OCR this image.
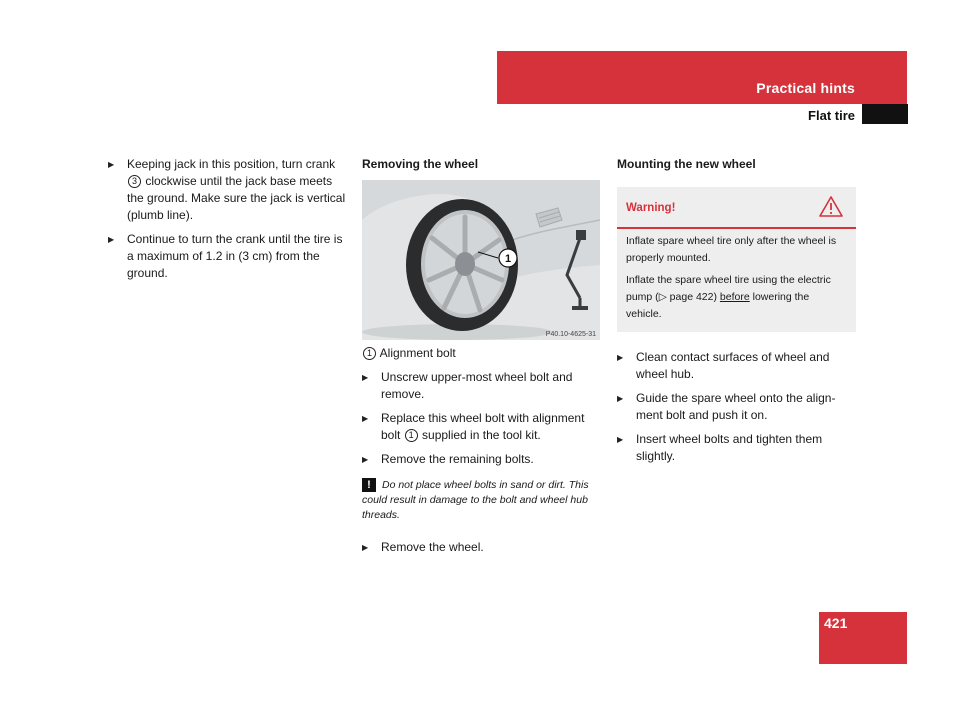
Practical hints
Flat tire
▶	Keeping jack in this position, turn crank 3 clockwise until the jack base meets the ground. Make sure the jack is vertical (plumb line).
▶	Continue to turn the crank until the tire is a maximum of 1.2 in (3 cm) from the ground.
Removing the wheel
1
P40.10-4625-31
1 Alignment bolt
▶	Unscrew upper-most wheel bolt and remove.
▶	Replace this wheel bolt with alignment bolt 1 supplied in the tool kit.
▶	Remove the remaining bolts.
! Do not place wheel bolts in sand or dirt. This could result in damage to the bolt and wheel hub threads.
▶	Remove the wheel.
Mounting the new wheel
Warning!

Inflate spare wheel tire only after the wheel is properly mounted.

Inflate the spare wheel tire using the electric pump (▷ page 422) before lowering the vehicle.

▶	Clean contact surfaces of wheel and wheel hub.
▶	Guide the spare wheel onto the align-ment bolt and push it on.
▶	Insert wheel bolts and tighten them slightly.
421
